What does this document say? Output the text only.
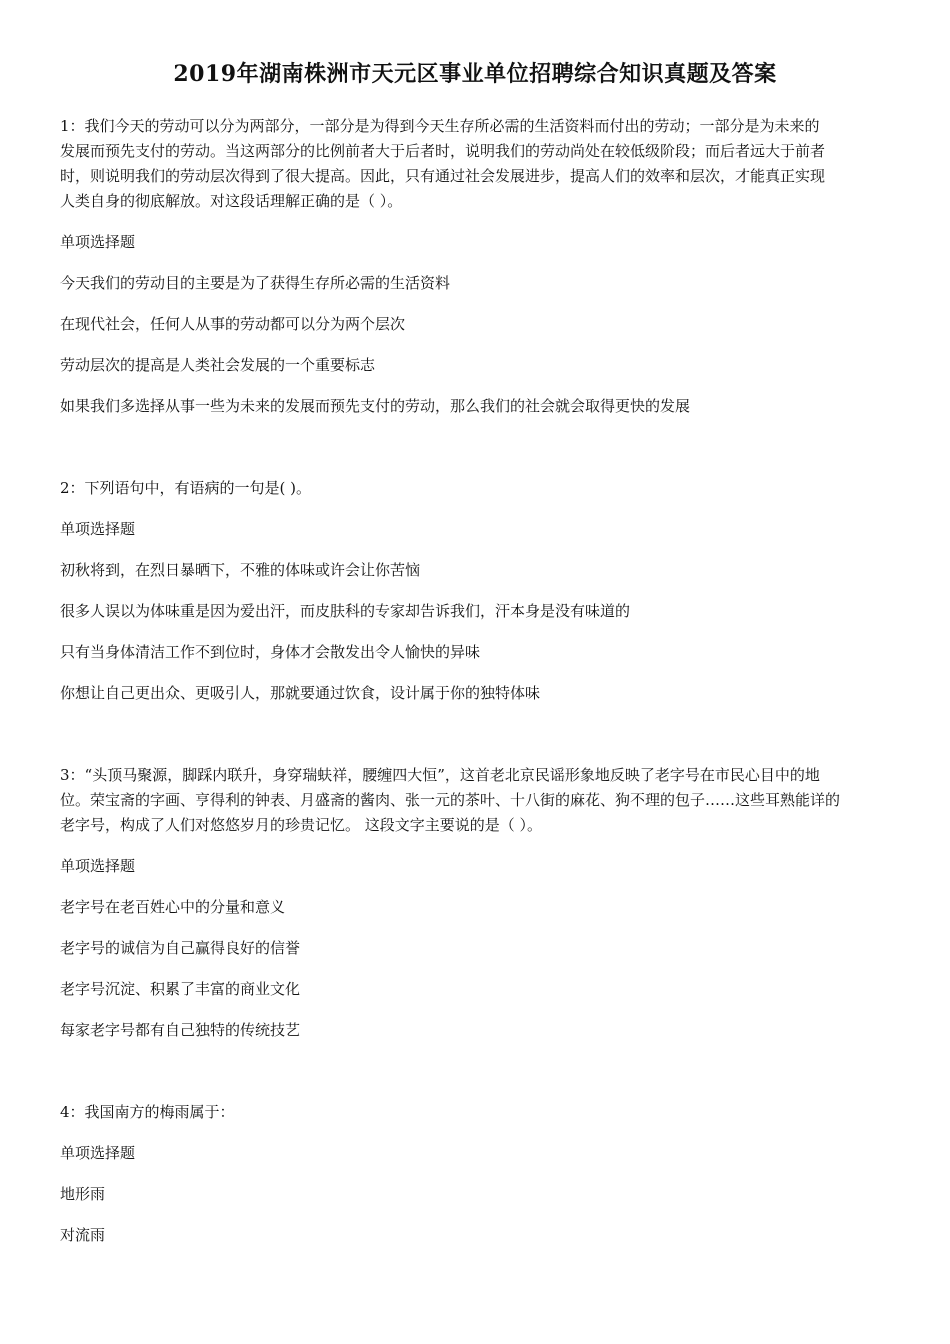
2019年湖南株洲市天元区事业单位招聘综合知识真题及答案

1：我们今天的劳动可以分为两部分，一部分是为得到今天生存所必需的生活资料而付出的劳动；一部分是为未来的

发展而预先支付的劳动。当这两部分的比例前者大于后者时，说明我们的劳动尚处在较低级阶段；而后者远大于前者

时，则说明我们的劳动层次得到了很大提高。因此，只有通过社会发展进步，提高人们的效率和层次，才能真正实现

人类自身的彻底解放。对这段话理解正确的是（ ）。

单项选择题

今天我们的劳动目的主要是为了获得生存所必需的生活资料

在现代社会，任何人从事的劳动都可以分为两个层次

劳动层次的提高是人类社会发展的一个重要标志

如果我们多选择从事一些为未来的发展而预先支付的劳动，那么我们的社会就会取得更快的发展

2：下列语句中，有语病的一句是( )。

单项选择题

初秋将到，在烈日暴晒下，不雅的体味或许会让你苦恼

很多人误以为体味重是因为爱出汗，而皮肤科的专家却告诉我们，汗本身是没有味道的

只有当身体清洁工作不到位时，身体才会散发出令人愉快的异味

你想让自己更出众、更吸引人，那就要通过饮食，设计属于你的独特体味

3：“头顶马聚源，脚踩内联升，身穿瑞蚨祥，腰缠四大恒”，这首老北京民谣形象地反映了老字号在市民心目中的地

位。荣宝斋的字画、亨得利的钟表、月盛斋的酱肉、张一元的茶叶、十八街的麻花、狗不理的包子……这些耳熟能详的

老字号，构成了人们对悠悠岁月的珍贵记忆。 这段文字主要说的是（ ）。

单项选择题

老字号在老百姓心中的分量和意义

老字号的诚信为自己赢得良好的信誉

老字号沉淀、积累了丰富的商业文化

每家老字号都有自己独特的传统技艺

4：我国南方的梅雨属于：

单项选择题

地形雨

对流雨
